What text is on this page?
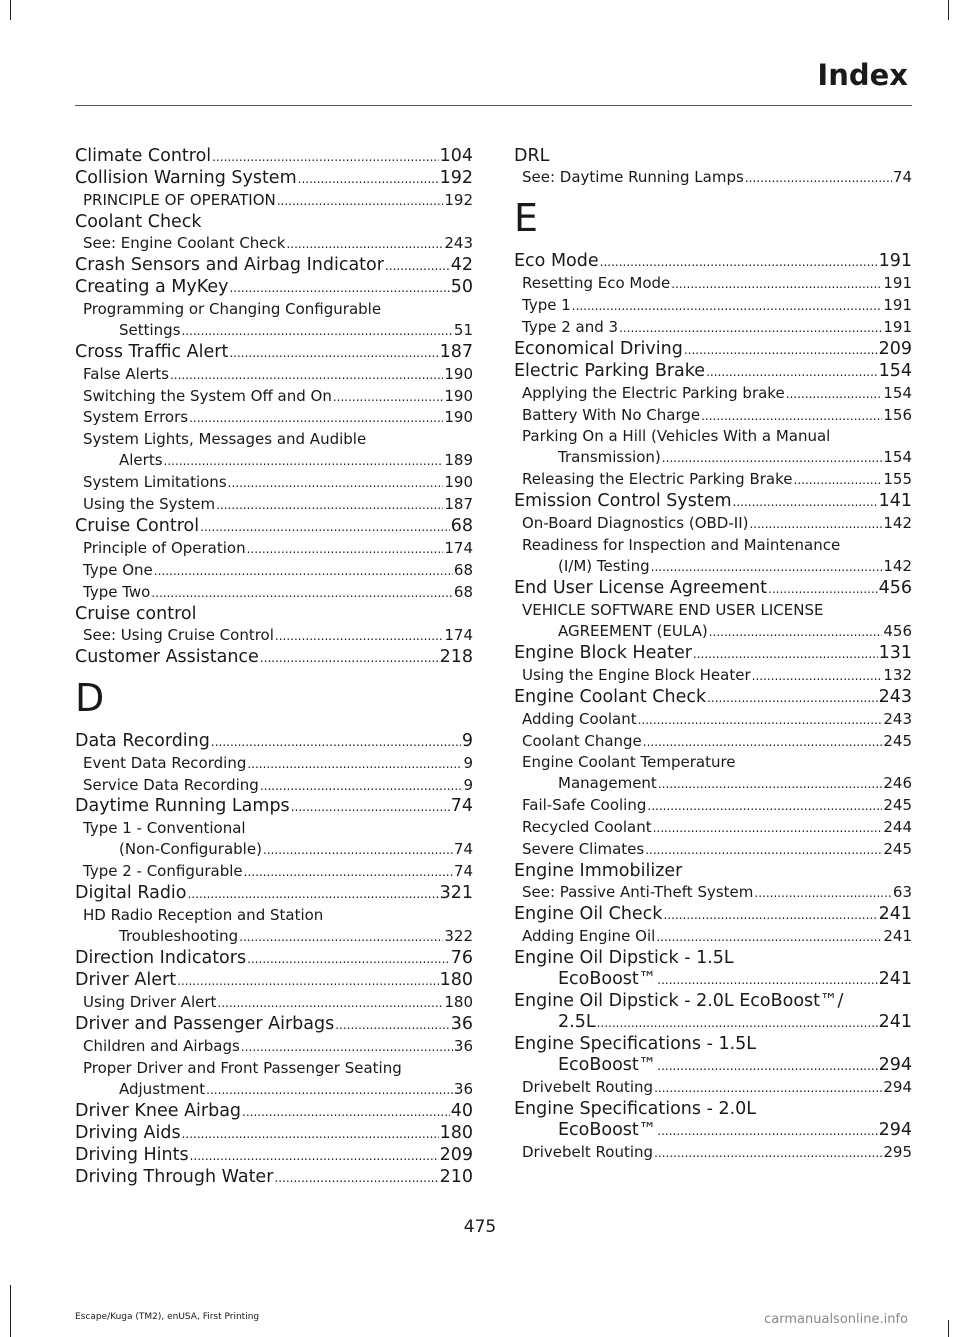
Index
Climate Control .....	104
Collision Warning System .....	192
PRINCIPLE OF OPERATION .....	192
Coolant Check
See: Engine Coolant Check .....	243
Crash Sensors and Airbag Indicator .....	42
Creating a MyKey .....	50
Programming or Changing Configurable
Settings .....	51
Cross Traffic Alert .....	187
False Alerts .....	190
Switching the System Off and On .....	190
System Errors .....	190
System Lights, Messages and Audible
Alerts .....	189
System Limitations .....	190
Using the System .....	187
Cruise Control .....	68
Principle of Operation .....	174
Type One .....	68
Type Two .....	68
Cruise control
See: Using Cruise Control .....	174
Customer Assistance .....	218
D
Data Recording .....	9
Event Data Recording .....	9
Service Data Recording .....	9
Daytime Running Lamps .....	74
Type 1 - Conventional
(Non-Configurable) .....	74
Type 2 - Configurable .....	74
Digital Radio .....	321
HD Radio Reception and Station
Troubleshooting .....	322
Direction Indicators .....	76
Driver Alert .....	180
Using Driver Alert .....	180
Driver and Passenger Airbags .....	36
Children and Airbags .....	36
Proper Driver and Front Passenger Seating
Adjustment .....	36
Driver Knee Airbag .....	40
Driving Aids .....	180
Driving Hints .....	209
Driving Through Water .....	210
DRL
See: Daytime Running Lamps .....	74
E
Eco Mode .....	191
Resetting Eco Mode .....	191
Type 1 .....	191
Type 2 and 3 .....	191
Economical Driving .....	209
Electric Parking Brake .....	154
Applying the Electric Parking brake .....	154
Battery With No Charge .....	156
Parking On a Hill (Vehicles With a Manual
Transmission) .....	154
Releasing the Electric Parking Brake .....	155
Emission Control System .....	141
On-Board Diagnostics (OBD-II) .....	142
Readiness for Inspection and Maintenance
(I/M) Testing .....	142
End User License Agreement .....	456
VEHICLE SOFTWARE END USER LICENSE
AGREEMENT (EULA) .....	456
Engine Block Heater .....	131
Using the Engine Block Heater .....	132
Engine Coolant Check .....	243
Adding Coolant .....	243
Coolant Change .....	245
Engine Coolant Temperature
Management .....	246
Fail-Safe Cooling .....	245
Recycled Coolant .....	244
Severe Climates .....	245
Engine Immobilizer
See: Passive Anti-Theft System .....	63
Engine Oil Check .....	241
Adding Engine Oil .....	241
Engine Oil Dipstick - 1.5L
EcoBoost™ .....	241
Engine Oil Dipstick - 2.0L EcoBoost™/
2.5L .....	241
Engine Specifications - 1.5L
EcoBoost™ .....	294
Drivebelt Routing .....	294
Engine Specifications - 2.0L
EcoBoost™ .....	294
Drivebelt Routing .....	295
475
Escape/Kuga (TM2), enUSA, First Printing	carmanualsonline.info
